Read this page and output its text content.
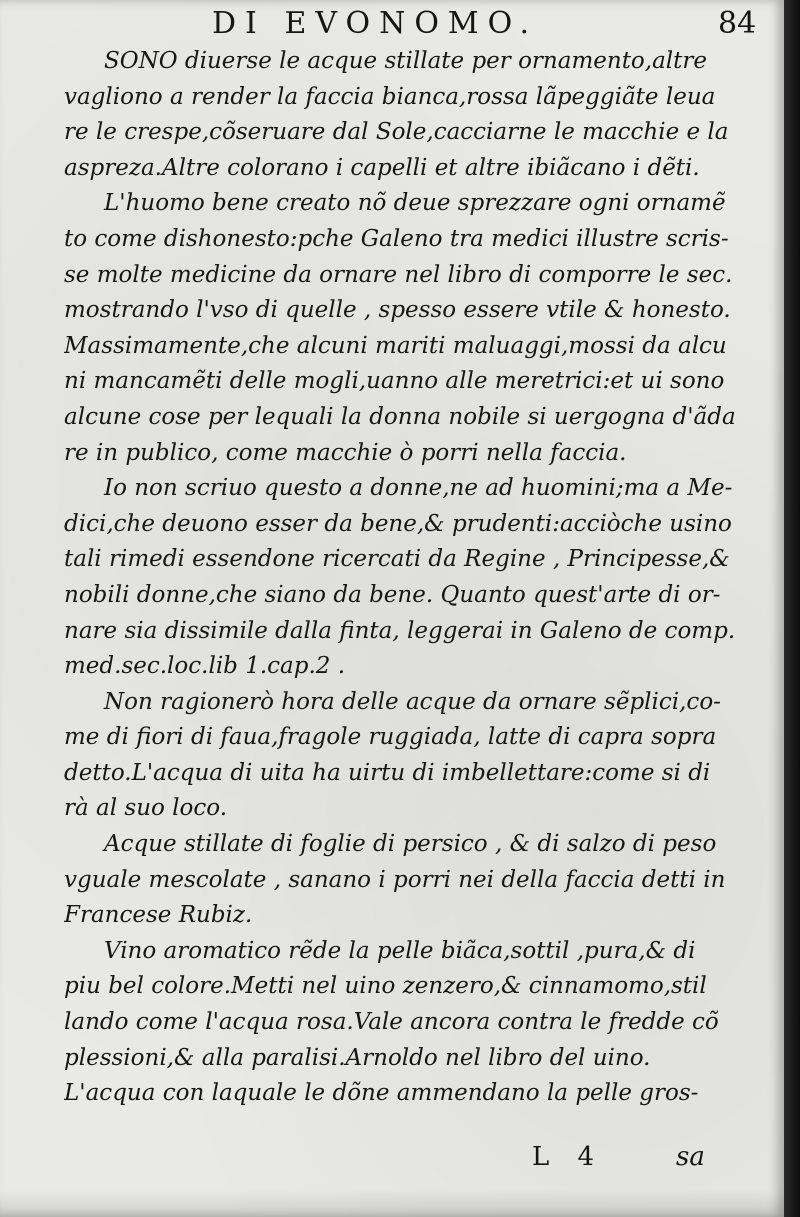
DI EVONOMO.	84
SONO diuerse le acque stillate per ornamento,altre
vagliono a render la faccia bianca,rossa lãpeggiãte leua
re le crespe,cõseruare dal Sole,cacciarne le macchie e la
aspreza.Altre colorano i capelli et altre ibiãcano i dẽti.
L'huomo bene creato nõ deue sprezzare ogni ornamẽ
to come dishonesto:pche Galeno tra medici illustre scris-
se molte medicine da ornare nel libro di comporre le sec.
mostrando l'vso di quelle , spesso essere vtile & honesto.
Massimamente,che alcuni mariti maluaggi,mossi da alcu
ni mancamẽti delle mogli,uanno alle meretrici:et ui sono
alcune cose per lequali la donna nobile si uergogna d'ãda
re in publico, come macchie ò porri nella faccia.
Io non scriuo questo a donne,ne ad huomini;ma a Me-
dici,che deuono esser da bene,& prudenti:acciòche usino
tali rimedi essendone ricercati da Regine , Principesse,&
nobili donne,che siano da bene. Quanto quest'arte di or-
nare sia dissimile dalla finta, leggerai in Galeno de comp.
med.sec.loc.lib 1.cap.2 .
Non ragionerò hora delle acque da ornare sẽplici,co-
me di fiori di faua,fragole ruggiada, latte di capra sopra
detto.L'acqua di uita ha uirtu di imbellettare:come si di
rà al suo loco.
Acque stillate di foglie di persico , & di salzo di peso
vguale mescolate , sanano i porri nei della faccia detti in
Francese Rubiz.
Vino aromatico rẽde la pelle biãca,sottil ,pura,& di
piu bel colore.Metti nel uino zenzero,& cinnamomo,stil
lando come l'acqua rosa.Vale ancora contra le fredde cõ
plessioni,& alla paralisi.Arnoldo nel libro del uino.
L'acqua con laquale le dõne ammendano la pelle gros-
L 4	sa
